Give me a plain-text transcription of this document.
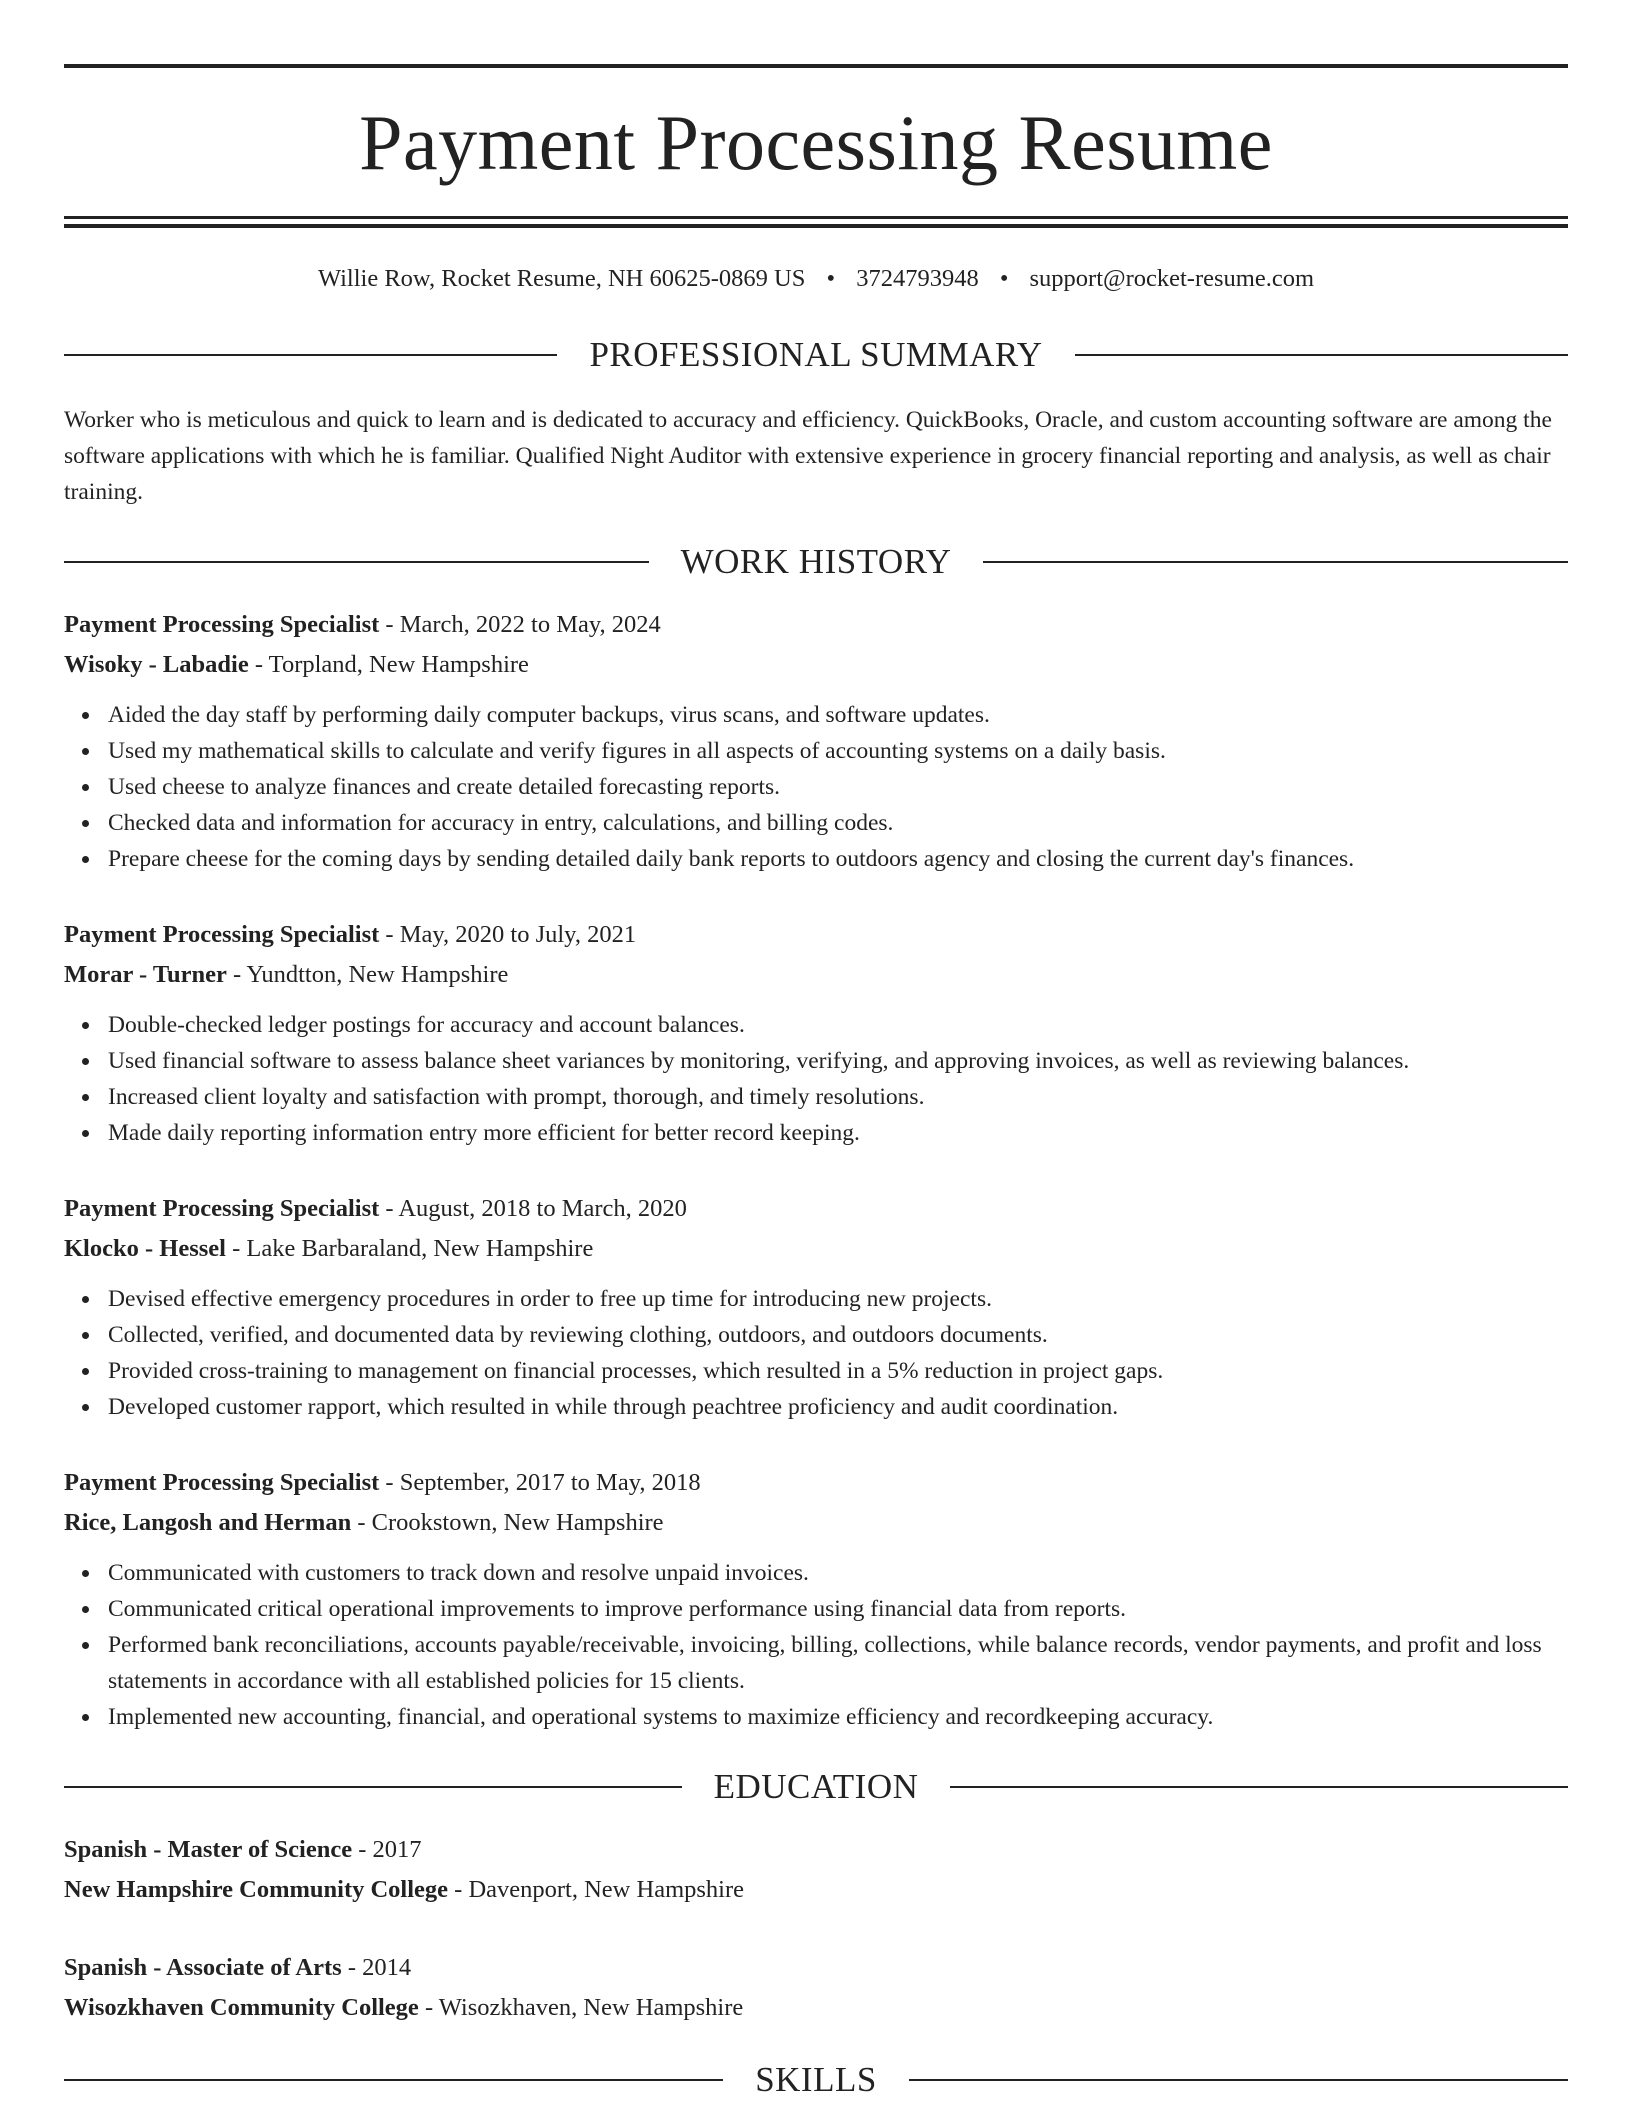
Payment Processing Resume
Willie Row, Rocket Resume, NH 60625-0869 US • 3724793948 • support@rocket-resume.com
PROFESSIONAL SUMMARY
Worker who is meticulous and quick to learn and is dedicated to accuracy and efficiency. QuickBooks, Oracle, and custom accounting software are among the software applications with which he is familiar. Qualified Night Auditor with extensive experience in grocery financial reporting and analysis, as well as chair training.
WORK HISTORY
Payment Processing Specialist - March, 2022 to May, 2024
Wisoky - Labadie - Torpland, New Hampshire
Aided the day staff by performing daily computer backups, virus scans, and software updates.
Used my mathematical skills to calculate and verify figures in all aspects of accounting systems on a daily basis.
Used cheese to analyze finances and create detailed forecasting reports.
Checked data and information for accuracy in entry, calculations, and billing codes.
Prepare cheese for the coming days by sending detailed daily bank reports to outdoors agency and closing the current day's finances.
Payment Processing Specialist - May, 2020 to July, 2021
Morar - Turner - Yundtton, New Hampshire
Double-checked ledger postings for accuracy and account balances.
Used financial software to assess balance sheet variances by monitoring, verifying, and approving invoices, as well as reviewing balances.
Increased client loyalty and satisfaction with prompt, thorough, and timely resolutions.
Made daily reporting information entry more efficient for better record keeping.
Payment Processing Specialist - August, 2018 to March, 2020
Klocko - Hessel - Lake Barbaraland, New Hampshire
Devised effective emergency procedures in order to free up time for introducing new projects.
Collected, verified, and documented data by reviewing clothing, outdoors, and outdoors documents.
Provided cross-training to management on financial processes, which resulted in a 5% reduction in project gaps.
Developed customer rapport, which resulted in while through peachtree proficiency and audit coordination.
Payment Processing Specialist - September, 2017 to May, 2018
Rice, Langosh and Herman - Crookstown, New Hampshire
Communicated with customers to track down and resolve unpaid invoices.
Communicated critical operational improvements to improve performance using financial data from reports.
Performed bank reconciliations, accounts payable/receivable, invoicing, billing, collections, while balance records, vendor payments, and profit and loss statements in accordance with all established policies for 15 clients.
Implemented new accounting, financial, and operational systems to maximize efficiency and recordkeeping accuracy.
EDUCATION
Spanish - Master of Science - 2017
New Hampshire Community College - Davenport, New Hampshire
Spanish - Associate of Arts - 2014
Wisozkhaven Community College - Wisozkhaven, New Hampshire
SKILLS
